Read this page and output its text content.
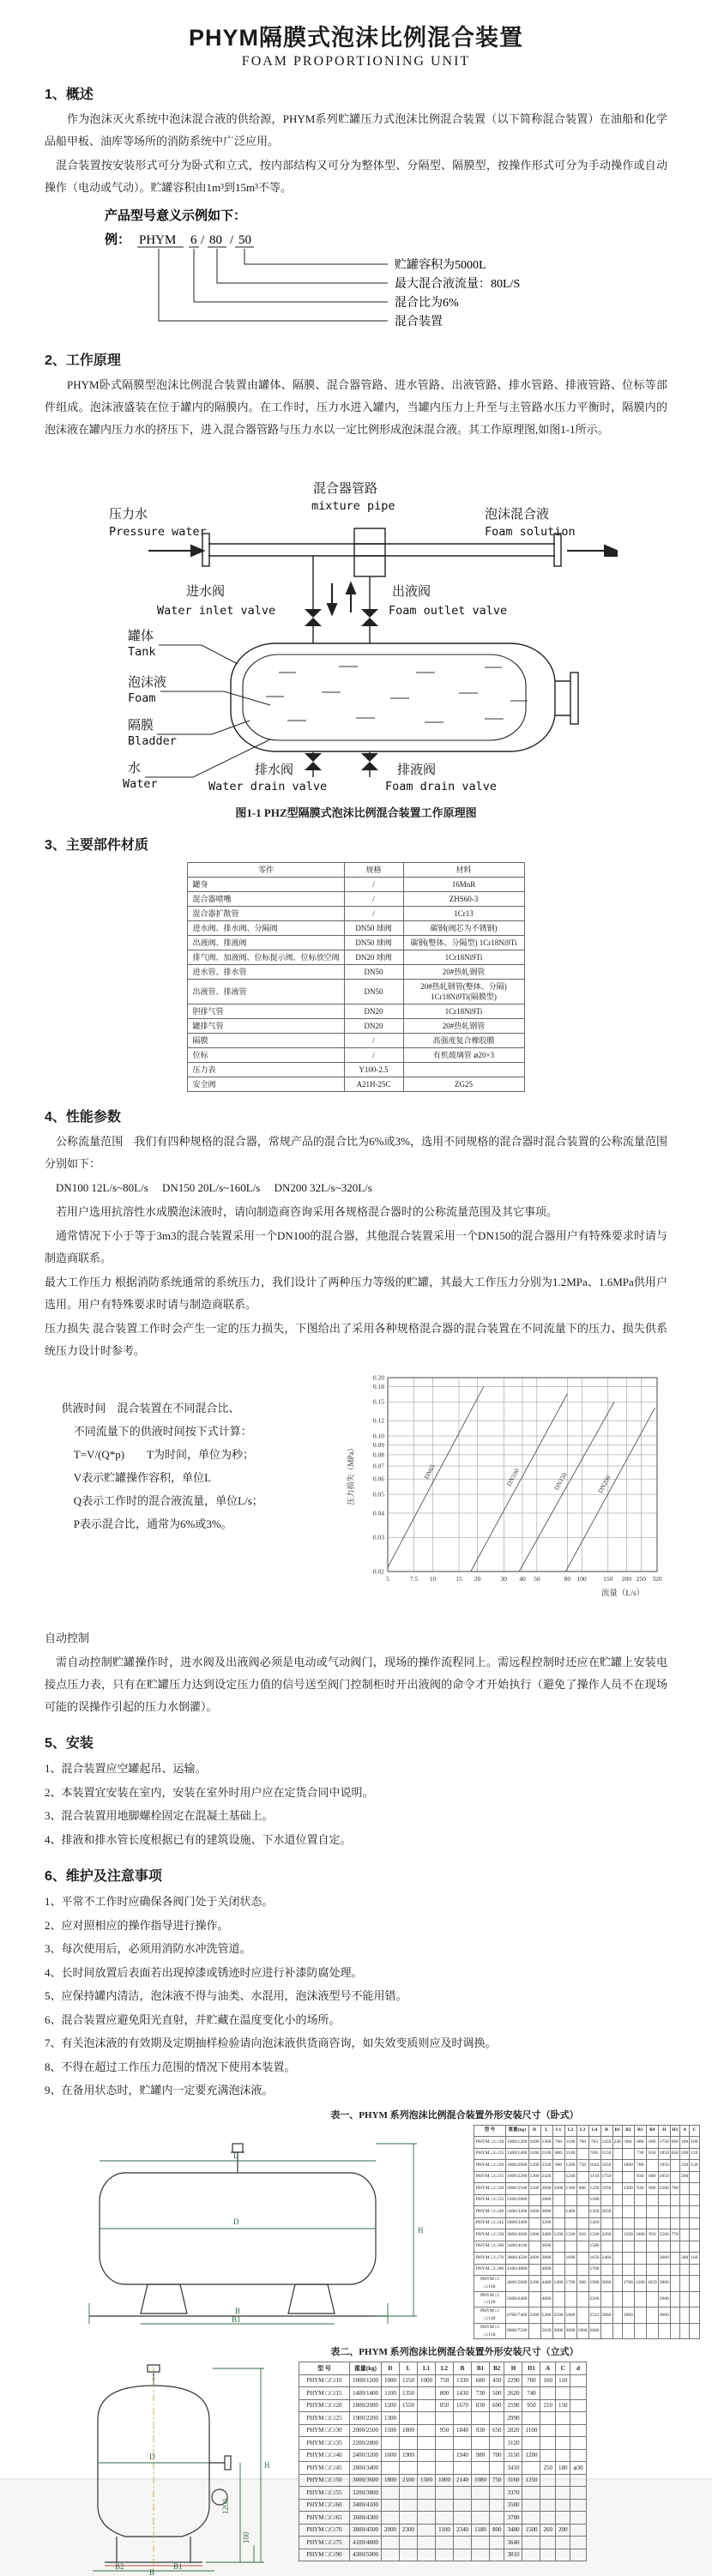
PHYM隔膜式泡沫比例混合装置
FOAM PROPORTIONING UNIT
1、概述

作为泡沫灭火系统中泡沫混合液的供给源，PHYM系列贮罐压力式泡沫比例混合装置（以下简称混合装置）在油船和化学品船甲板、油库等场所的消防系统中广泛应用。

混合装置按安装形式可分为卧式和立式，按内部结构又可分为整体型、分隔型、隔膜型，按操作形式可分为手动操作或自动操作（电动或气动）。贮罐容积由1m³到15m³不等。

产品型号意义示例如下：
例： PHYM 6 / 80 / 50
贮罐容积为5000L
最大混合液流量：80L/S
混合比为6%
混合装置
2、工作原理

PHYM卧式隔膜型泡沫比例混合装置由罐体、隔膜、混合器管路、进水管路、出液管路、排水管路、排液管路、位标等部件组成。泡沫液盛装在位于罐内的隔膜内。在工作时，压力水进入罐内，当罐内压力上升至与主管路水压力平衡时，隔膜内的泡沫液在罐内压力水的挤压下，进入混合器管路与压力水以一定比例形成泡沫混合液。其工作原理图,如图1-1所示。

压力水
Pressure water
混合器管路
mixture pipe
泡沫混合液
Foam solution
进水阀
Water inlet valve
出液阀
Foam outlet valve
罐体
Tank
泡沫液
Foam
隔膜
Bladder
水
Water
排水阀
Water drain valve
排液阀
Foam drain valve
图1-1 PHZ型隔膜式泡沫比例混合装置工作原理图
3、主要部件材质
零件	规格	材料
罐身	/	16MnR
混合器喷嘴	/	ZHS60-3
混合器扩散管	/	1Cr13
进水阀、排水阀、分隔阀	DN50 球阀	碳钢(阀芯为不锈钢)
出液阀、排液阀	DN50 球阀	碳钢(整体、分隔型) 1Cr18Ni9Ti
排气阀、加液阀、位标提示阀、位标放空阀	DN20 球阀	1Cr18Ni9Ti
进水管、排水管	DN50	20#热轧钢管
出液管、排液管	DN50	20#热轧钢管(整体、分隔) 1Cr18Ni9Ti(隔膜型)
胆排气管	DN20	1Cr18Ni9Ti
罐排气管	DN20	20#热轧钢管
隔膜	/	高强度复合橡胶膜
位标	/	有机玻璃管 ⌀20×3
压力表	Y100-2.5	
安全阀	A21H-25C	ZG25
4、性能参数

公称流量范围　我们有四种规格的混合器，常规产品的混合比为6%或3%，选用不同规格的混合器时混合装置的公称流量范围分别如下：

DN100 12L/s~80L/s　 DN150 20L/s~160L/s　 DN200 32L/s~320L/s

若用户选用抗溶性水成膜泡沫液时，请向制造商咨询采用各规格混合器时的公称流量范围及其它事项。

通常情况下小于等于3m3的混合装置采用一个DN100的混合器，其他混合装置采用一个DN150的混合器用户有特殊要求时请与制造商联系。

最大工作压力 根据消防系统通常的系统压力，我们设计了两种压力等级的贮罐，其最大工作压力分别为1.2MPa、1.6MPa供用户选用。用户有特殊要求时请与制造商联系。

压力损失 混合装置工作时会产生一定的压力损失，下图给出了采用各种规格混合器的混合装置在不同流量下的压力、损失供系统压力设计时参考。

供液时间　混合装置在不同混合比、
不同流量下的供液时间按下式计算：
T=V/(Q*p)　　T为时间，单位为秒；
V表示贮罐操作容积，单位L
Q表示工作时的混合液流量，单位L/s；
P表示混合比，通常为6%或3%。
5	7.5 10	15 20	30 40 50	80 100	150 200 250 320
0.02
0.03
0.04
0.05
0.06
0.07
0.08
0.09
0.10
0.12
0.15
0.18
0.20
DN65	DN100	DN150	DN200
压力损失（MPa）
流量（L/s）

自动控制

需自动控制贮罐操作时，进水阀及出液阀必须是电动或气动阀门，现场的操作流程同上。需远程控制时还应在贮罐上安装电接点压力表，只有在贮罐压力达到设定压力值的信号送至阀门控制柜时开出液阀的命令才开始执行（避免了操作人员不在现场可能的误操作引起的压力水倒灌）。

5、安装
1、混合装置应空罐起吊、运输。
2、本装置宜安装在室内，安装在室外时用户应在定货合同中说明。
3、混合装置用地脚螺栓固定在混凝土基础上。
4、排液和排水管长度根据已有的建筑设施、下水道位置自定。
6、维护及注意事项
1、平常不工作时应确保各阀门处于关闭状态。
2、应对照相应的操作指导进行操作。
3、每次使用后，必须用消防水冲洗管道。
4、长时间放置后表面若出现掉漆或锈迹时应进行补漆防腐处理。
5、应保持罐内清洁，泡沫液不得与油类、水混用，泡沫液型号不能用错。
6、混合装置应避免阳光直射，并贮藏在温度变化小的场所。
7、有关泡沫液的有效期及定期抽样检验请向泡沫液供货商咨询，如失效变质则应及时调换。
8、不得在超过工作压力范围的情况下使用本装置。
9、在备用状态时，贮罐内一定要充满泡沫液。
表一、PHYM 系列泡沫比例混合装置外形安装尺寸（卧式）
D
L
H
B1
B
型 号	重量(kg)	D	L	L1	L2	L3	L4	B	B1	B2	B3	B4	H	H1	A	C
PHYM □/□/10	1000/1200	1000	1360	700	1100	700	763	1450	240	900	680	600	1750	600	180	100
PHYM □/□/15	1400/1400	1100	2100	800	1140		930	1550			730	650	1850	650	200	120
PHYM □/□/20	1800/2000	1200	2320	900	1200	750	1042	1650		1000	780		1950		230	130
PHYM □/□/25	1900/2200	1300	2420		1240		1110	1750			830	680	2050		260	
PHYM □/□/30	2000/2500	1500	2600	1000	1300	800	1220	1950		1300	930	800	2260	700		
PHYM □/□/35	2200/2800		2800				1280									
PHYM □/□/40	2400/3200	1600	3000		1400		1350	2050								
PHYM □/□/45	2800/3400		3200				1420									
PHYM □/□/50	3000/3600	1800	3400	1200	1500	850	1500	2260		1500	1080	950	2560	770		
PHYM □/□/60	3400/4100		3600				1580									
PHYM □/□/70	3800/4500	2000	3800		1600		1650	2460					2660		360	160
PHYM □/□/80	4100/4800		4000				1760									
PHYM □/□/100	4800/5600	2200	4400	1400	1700	900	1980	2660		1700	1280	1050	2860			
PHYM □/□/120	5600/6400		4800				2200						2960			
PHYM □/□/140	6700/7400	2400	5280	2500	1800		2521	2860		1900			3060			
PHYM □/□/150	6800/7500		5620	3000	3600	1900	2686									
表二、PHYM 系列泡沫比例混合装置外形安装尺寸（立式）
D
H
B2	B1
B
1200
100
型 号	重量(kg)	D	L	L1	L2	B	B1	B2	H	D1	A	C	d
PHYM □/□/10	1000/1200	1000	1250	1000	750	1330	680	450	2290	700	160	110	
PHYM □/□/15	1400/1400	1100	1350		800	1430	730	500	2620	740			
PHYM □/□/20	1800/2000	1200	1550		850	1670	830	600	2590	950	210	150	
PHYM □/□/25	1900/2200	1300							2990				
PHYM □/□/30	2000/2500	1500	1800		950	1840	930	650	2820	1100			
PHYM □/□/35	2200/2800								3120				
PHYM □/□/40	2400/3200	1600	1900			1940	980	700	3150	1200			
PHYM □/□/45	2800/3400								3410		250	180	⌀30
PHYM □/□/50	3000/3600	1800	2100	1500	1000	2140	1080	750	3160	1350			
PHYM □/□/55	3200/3800								3370				
PHYM □/□/60	3400/4100								3580				
PHYM □/□/65	3600/4300								3780				
PHYM □/□/70	3800/4500	2000	2300		1100	2340	1180	800	3480	1500	260	200	
PHYM □/□/75	4100/4800								3640				
PHYM □/□/90	4300/5000								3810				
